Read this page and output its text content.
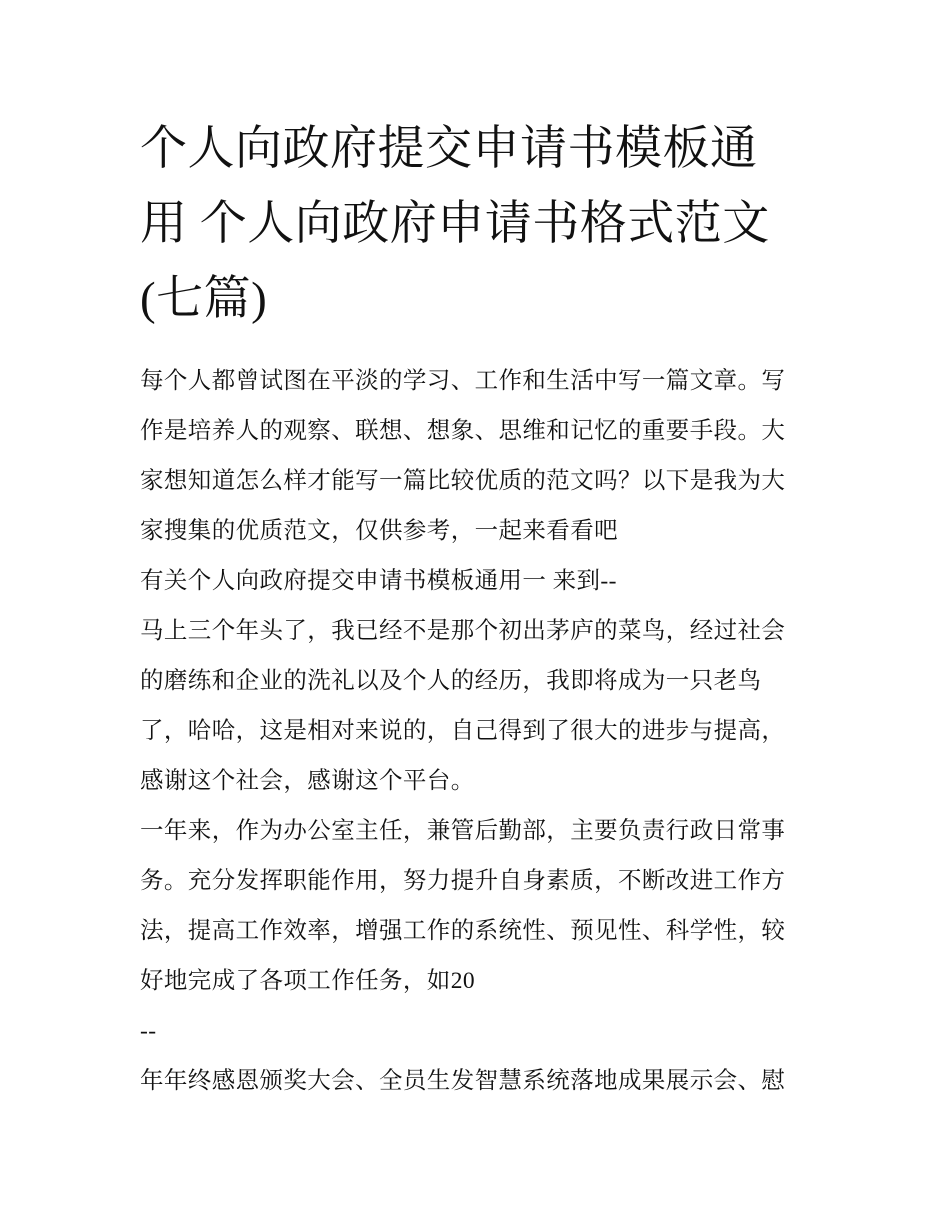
个人向政府提交申请书模板通
用 个人向政府申请书格式范文
(七篇)
每个人都曾试图在平淡的学习、工作和生活中写一篇文章。写
作是培养人的观察、联想、想象、思维和记忆的重要手段。大
家想知道怎么样才能写一篇比较优质的范文吗？以下是我为大
家搜集的优质范文，仅供参考，一起来看看吧
有关个人向政府提交申请书模板通用一 来到--
马上三个年头了，我已经不是那个初出茅庐的菜鸟，经过社会
的磨练和企业的洗礼以及个人的经历，我即将成为一只老鸟
了，哈哈，这是相对来说的，自己得到了很大的进步与提高，
感谢这个社会，感谢这个平台。
一年来，作为办公室主任，兼管后勤部，主要负责行政日常事
务。充分发挥职能作用，努力提升自身素质，不断改进工作方
法，提高工作效率，增强工作的系统性、预见性、科学性，较
好地完成了各项工作任务，如20
--
年年终感恩颁奖大会、全员生发智慧系统落地成果展示会、慰
